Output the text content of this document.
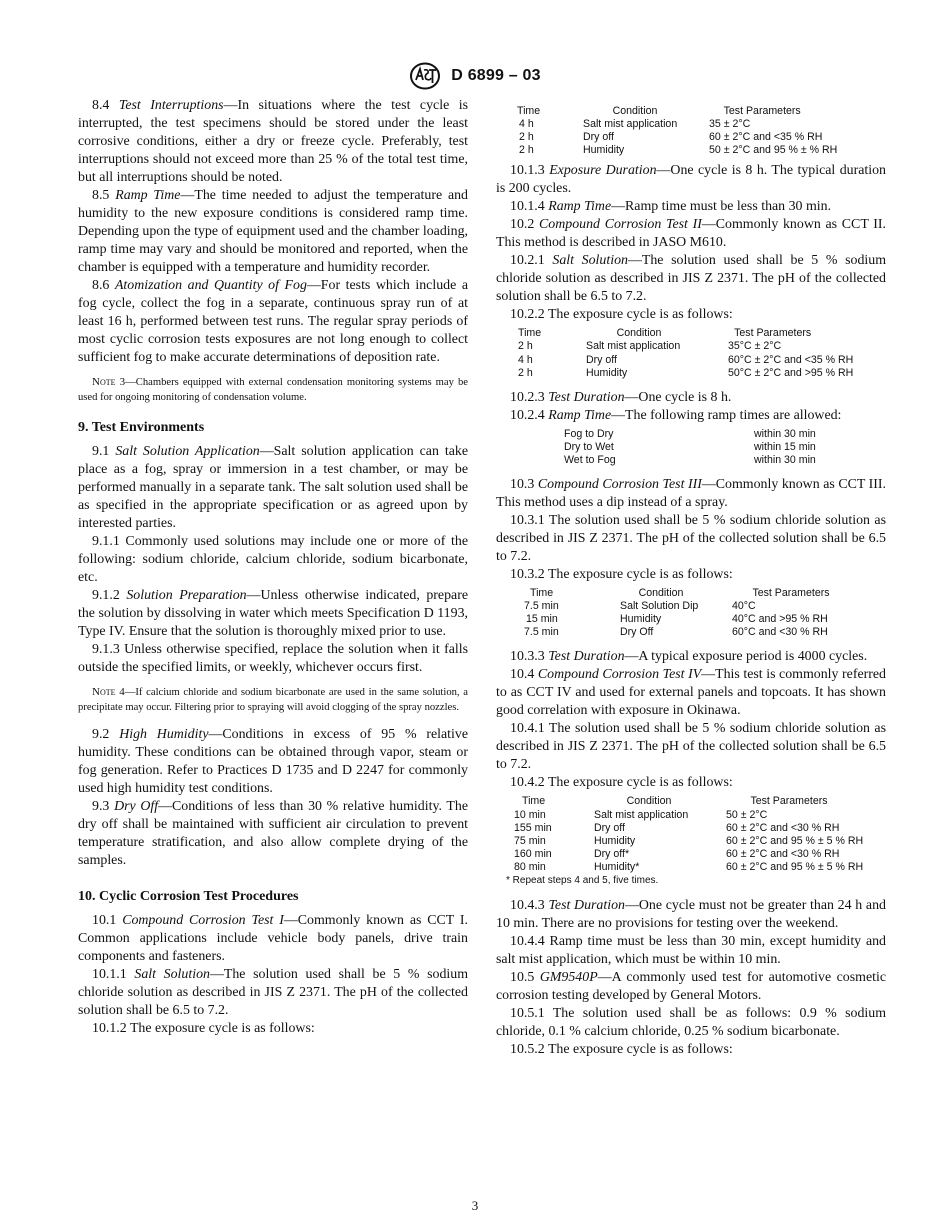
D 6899 – 03

8.4 Test Interruptions—In situations where the test cycle is interrupted, the test specimens should be stored under the least corrosive conditions, either a dry or freeze cycle. Preferably, test interruptions should not exceed more than 25 % of the total test time, but all interruptions should be noted.

8.5 Ramp Time—The time needed to adjust the temperature and humidity to the new exposure conditions is considered ramp time. Depending upon the type of equipment used and the chamber loading, ramp time may vary and should be monitored and reported, when the chamber is equipped with a temperature and humidity recorder.

8.6 Atomization and Quantity of Fog—For tests which include a fog cycle, collect the fog in a separate, continuous spray run of at least 16 h, performed between test runs. The regular spray periods of most cyclic corrosion tests exposures are not long enough to collect sufficient fog to make accurate determinations of deposition rate.

Note 3—Chambers equipped with external condensation monitoring systems may be used for ongoing monitoring of condensation volume.

9. Test Environments

9.1 Salt Solution Application—Salt solution application can take place as a fog, spray or immersion in a test chamber, or may be performed manually in a separate tank. The salt solution used shall be as specified in the appropriate specification or as agreed upon by interested parties.

9.1.1 Commonly used solutions may include one or more of the following: sodium chloride, calcium chloride, sodium bicarbonate, etc.

9.1.2 Solution Preparation—Unless otherwise indicated, prepare the solution by dissolving in water which meets Specification D 1193, Type IV. Ensure that the solution is thoroughly mixed prior to use.

9.1.3 Unless otherwise specified, replace the solution when it falls outside the specified limits, or weekly, whichever occurs first.

Note 4—If calcium chloride and sodium bicarbonate are used in the same solution, a precipitate may occur. Filtering prior to spraying will avoid clogging of the spray nozzles.

9.2 High Humidity—Conditions in excess of 95 % relative humidity. These conditions can be obtained through vapor, steam or fog generation. Refer to Practices D 1735 and D 2247 for commonly used high humidity test conditions.

9.3 Dry Off—Conditions of less than 30 % relative humidity. The dry off shall be maintained with sufficient air circulation to prevent temperature stratification, and also allow complete drying of the samples.

10. Cyclic Corrosion Test Procedures

10.1 Compound Corrosion Test I—Commonly known as CCT I. Common applications include vehicle body panels, drive train components and fasteners.

10.1.1 Salt Solution—The solution used shall be 5 % sodium chloride solution as described in JIS Z 2371. The pH of the collected solution shall be 6.5 to 7.2.

10.1.2 The exposure cycle is as follows:

Time	Condition	Test Parameters
4 h	Salt mist application	35 ± 2°C
2 h	Dry off	60 ± 2°C and <35 % RH
2 h	Humidity	50 ± 2°C and 95 % ± % RH

10.1.3 Exposure Duration—One cycle is 8 h. The typical duration is 200 cycles.

10.1.4 Ramp Time—Ramp time must be less than 30 min.

10.2 Compound Corrosion Test II—Commonly known as CCT II. This method is described in JASO M610.

10.2.1 Salt Solution—The solution used shall be 5 % sodium chloride solution as described in JIS Z 2371. The pH of the collected solution shall be 6.5 to 7.2.

10.2.2 The exposure cycle is as follows:

Time	Condition	Test Parameters
2 h	Salt mist application	35°C ± 2°C
4 h	Dry off	60°C ± 2°C and <35 % RH
2 h	Humidity	50°C ± 2°C and >95 % RH

10.2.3 Test Duration—One cycle is 8 h.

10.2.4 Ramp Time—The following ramp times are allowed:

Fog to Dry	within 30 min
Dry to Wet	within 15 min
Wet to Fog	within 30 min

10.3 Compound Corrosion Test III—Commonly known as CCT III. This method uses a dip instead of a spray.

10.3.1 The solution used shall be 5 % sodium chloride solution as described in JIS Z 2371. The pH of the collected solution shall be 6.5 to 7.2.

10.3.2 The exposure cycle is as follows:

Time	Condition	Test Parameters
7.5 min	Salt Solution Dip	40°C
15 min	Humidity	40°C and >95 % RH
7.5 min	Dry Off	60°C and <30 % RH

10.3.3 Test Duration—A typical exposure period is 4000 cycles.

10.4 Compound Corrosion Test IV—This test is commonly referred to as CCT IV and used for external panels and topcoats. It has shown good correlation with exposure in Okinawa.

10.4.1 The solution used shall be 5 % sodium chloride solution as described in JIS Z 2371. The pH of the collected solution shall be 6.5 to 7.2.

10.4.2 The exposure cycle is as follows:

Time	Condition	Test Parameters
10 min	Salt mist application	50 ± 2°C
155 min	Dry off	60 ± 2°C and <30 % RH
75 min	Humidity	60 ± 2°C and 95 % ± 5 % RH
160 min	Dry off*	60 ± 2°C and <30 % RH
80 min	Humidity*	60 ± 2°C and 95 % ± 5 % RH

* Repeat steps 4 and 5, five times.

10.4.3 Test Duration—One cycle must not be greater than 24 h and 10 min. There are no provisions for testing over the weekend.

10.4.4 Ramp time must be less than 30 min, except humidity and salt mist application, which must be within 10 min.

10.5 GM9540P—A commonly used test for automotive cosmetic corrosion testing developed by General Motors.

10.5.1 The solution used shall be as follows: 0.9 % sodium chloride, 0.1 % calcium chloride, 0.25 % sodium bicarbonate.

10.5.2 The exposure cycle is as follows:

3
